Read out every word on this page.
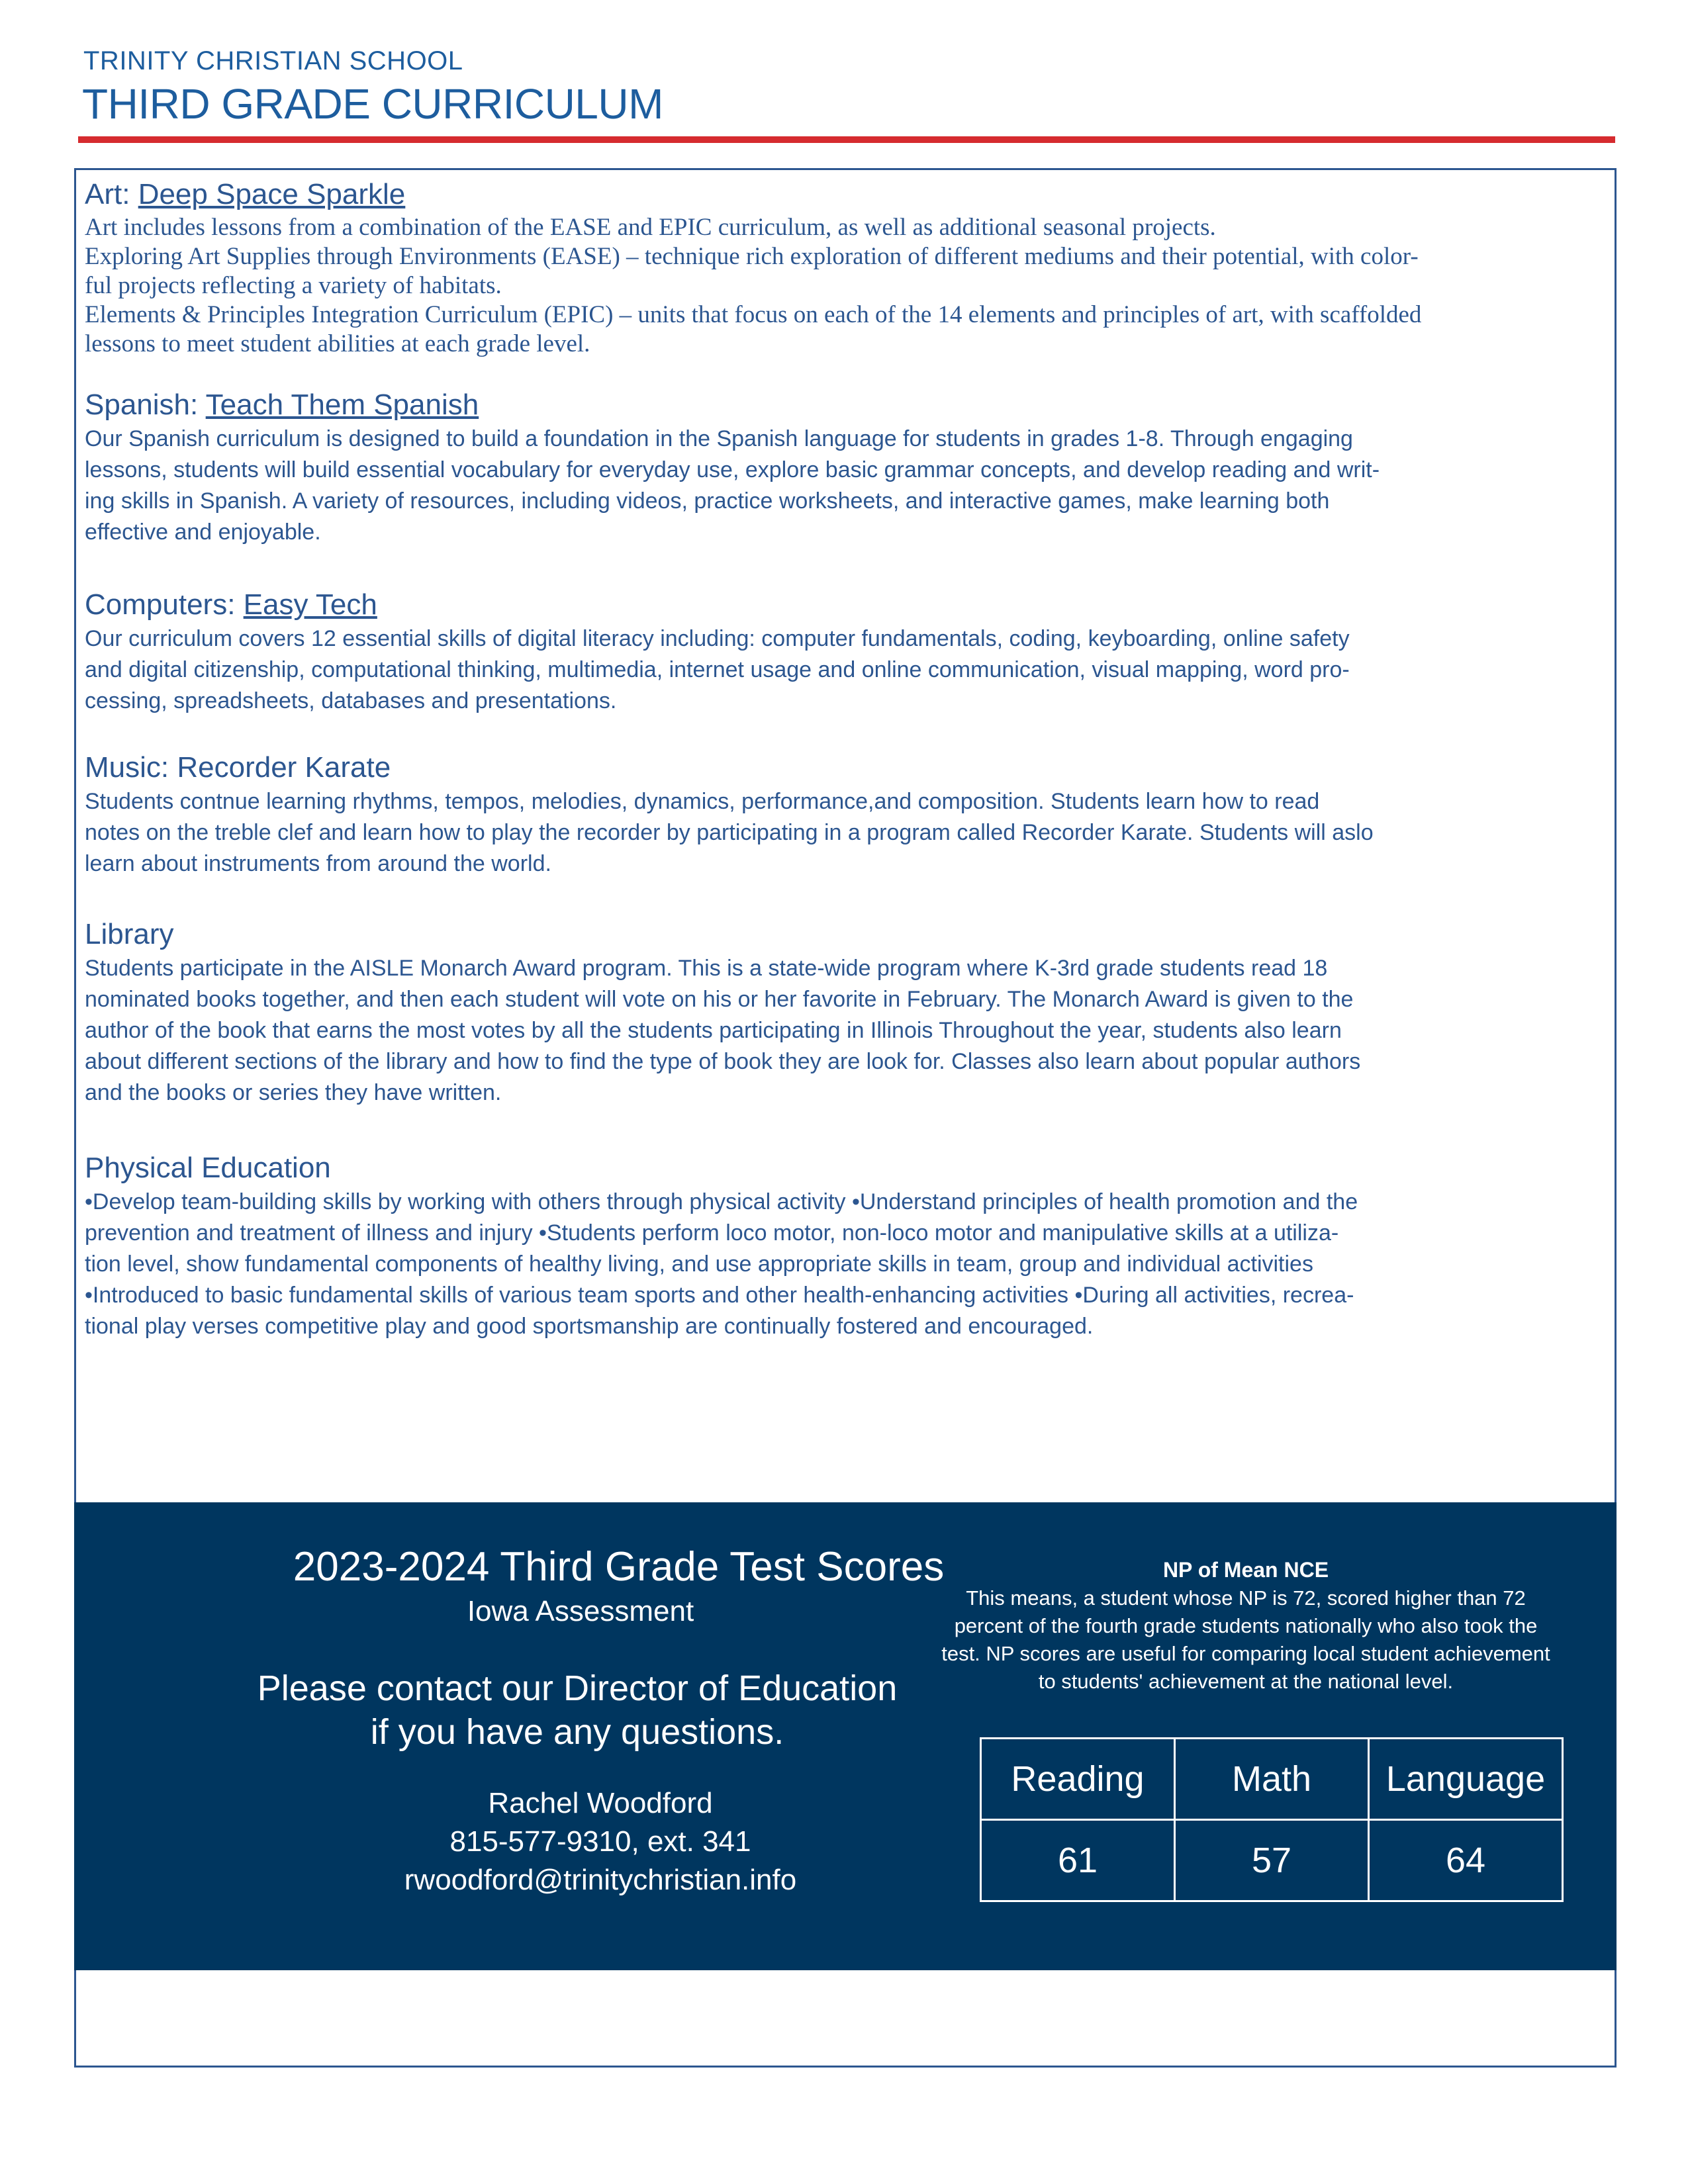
TRINITY CHRISTIAN SCHOOL
THIRD GRADE CURRICULUM
Art: Deep Space Sparkle
Art includes lessons from a combination of the EASE and EPIC curriculum, as well as additional seasonal projects.
Exploring Art Supplies through Environments (EASE) – technique rich exploration of different mediums and their potential, with color-
ful projects reflecting a variety of habitats.
Elements & Principles Integration Curriculum (EPIC) – units that focus on each of the 14 elements and principles of art, with scaffolded
lessons to meet student abilities at each grade level.
Spanish: Teach Them Spanish
Our Spanish curriculum is designed to build a foundation in the Spanish language for students in grades 1-8. Through engaging
lessons, students will build essential vocabulary for everyday use, explore basic grammar concepts, and develop reading and writ-
ing skills in Spanish. A variety of resources, including videos, practice worksheets, and interactive games, make learning both
effective and enjoyable.
Computers: Easy Tech
Our curriculum covers 12 essential skills of digital literacy including: computer fundamentals, coding, keyboarding, online safety
and digital citizenship, computational thinking, multimedia, internet usage and online communication, visual mapping, word pro-
cessing, spreadsheets, databases and presentations.
Music: Recorder Karate
Students contnue learning rhythms, tempos, melodies, dynamics, performance,and composition. Students learn how to read
notes on the treble clef and learn how to play the recorder by participating in a program called Recorder Karate. Students will aslo
learn about instruments from around the world.
Library
Students participate in the AISLE Monarch Award program. This is a state-wide program where K-3rd grade students read 18
nominated books together, and then each student will vote on his or her favorite in February. The Monarch Award is given to the
author of the book that earns the most votes by all the students participating in Illinois Throughout the year, students also learn
about different sections of the library and how to find the type of book they are look for. Classes also learn about popular authors
and the books or series they have written.
Physical Education
•Develop team-building skills by working with others through physical activity •Understand principles of health promotion and the
prevention and treatment of illness and injury •Students perform loco motor, non-loco motor and manipulative skills at a utiliza-
tion level, show fundamental components of healthy living, and use appropriate skills in team, group and individual activities
•Introduced to basic fundamental skills of various team sports and other health-enhancing activities •During all activities, recrea-
tional play verses competitive play and good sportsmanship are continually fostered and encouraged.
2023-2024 Third Grade Test Scores
Iowa Assessment
Please contact our Director of Education
if you have any questions.
Rachel Woodford
815-577-9310, ext. 341
rwoodford@trinitychristian.info
NP of Mean NCE
This means, a student whose NP is 72, scored higher than 72 percent of the fourth grade students nationally who also took the test. NP scores are useful for comparing local student achievement to students' achievement at the national level.
Reading	Math	Language
61	57	64
